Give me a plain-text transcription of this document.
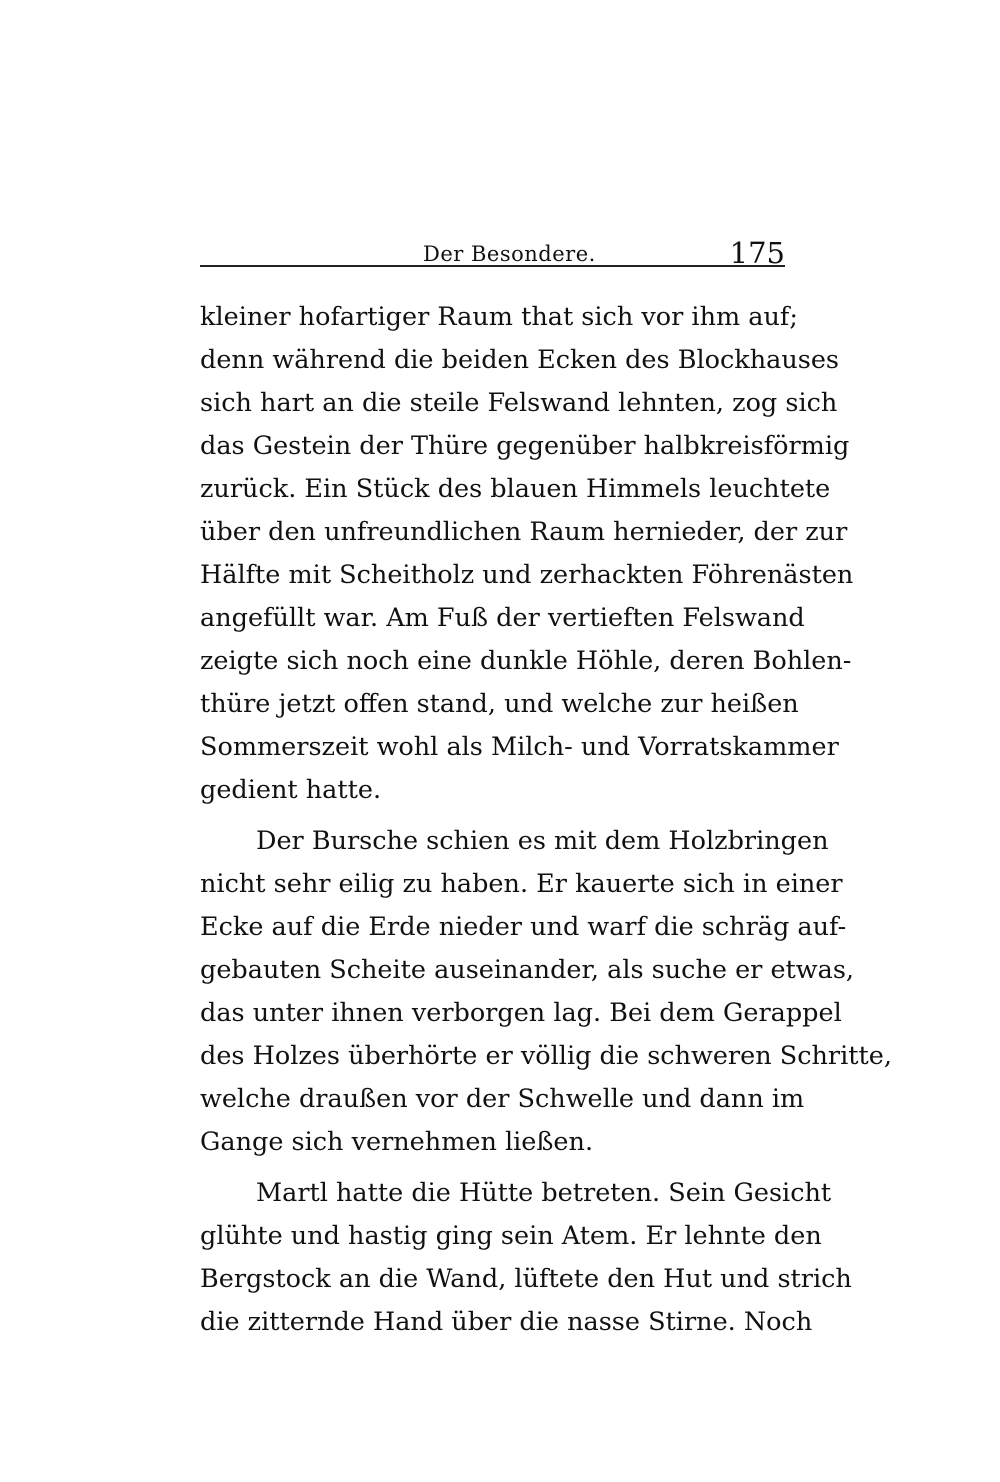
Der Besondere.	175
kleiner hofartiger Raum that sich vor ihm auf;
denn während die beiden Ecken des Blockhauses
sich hart an die steile Felswand lehnten, zog sich
das Gestein der Thüre gegenüber halbkreisförmig
zurück. Ein Stück des blauen Himmels leuchtete
über den unfreundlichen Raum hernieder, der zur
Hälfte mit Scheitholz und zerhackten Föhrenästen
angefüllt war. Am Fuß der vertieften Felswand
zeigte sich noch eine dunkle Höhle, deren Bohlen-
thüre jetzt offen stand, und welche zur heißen
Sommerszeit wohl als Milch- und Vorratskammer
gedient hatte.
Der Bursche schien es mit dem Holzbringen
nicht sehr eilig zu haben. Er kauerte sich in einer
Ecke auf die Erde nieder und warf die schräg auf-
gebauten Scheite auseinander, als suche er etwas,
das unter ihnen verborgen lag. Bei dem Gerappel
des Holzes überhörte er völlig die schweren Schritte,
welche draußen vor der Schwelle und dann im
Gange sich vernehmen ließen.
Martl hatte die Hütte betreten. Sein Gesicht
glühte und hastig ging sein Atem. Er lehnte den
Bergstock an die Wand, lüftete den Hut und strich
die zitternde Hand über die nasse Stirne. Noch
